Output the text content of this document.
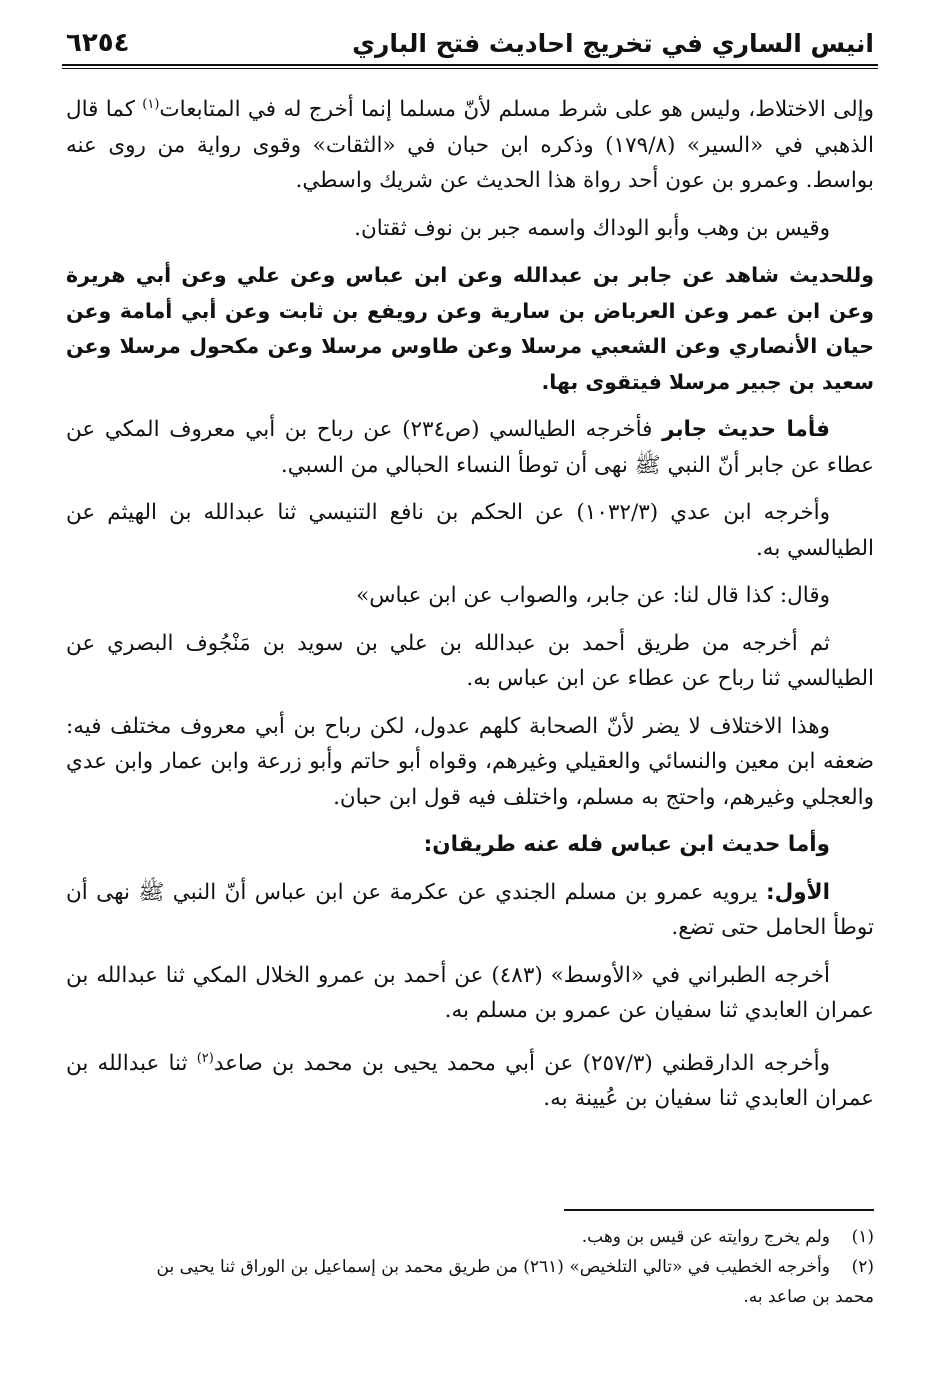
انيس الساري في تخريج احاديث فتح الباري
٦٢٥٤

وإلى الاختلاط، وليس هو على شرط مسلم لأنّ مسلما إنما أخرج له في المتابعات$^{(١)}$ كما قال الذهبي في «السير» (١٧٩/٨) وذكره ابن حبان في «الثقات» وقوى رواية من روى عنه بواسط. وعمرو بن عون أحد رواة هذا الحديث عن شريك واسطي.

وقيس بن وهب وأبو الوداك واسمه جبر بن نوف ثقتان.

وللحديث شاهد عن جابر بن عبدالله وعن ابن عباس وعن علي وعن أبي هريرة وعن ابن عمر وعن العرباض بن سارية وعن رويفع بن ثابت وعن أبي أمامة وعن حيان الأنصاري وعن الشعبي مرسلا وعن طاوس مرسلا وعن مكحول مرسلا وعن سعيد بن جبير مرسلا فيتقوى بها.

فأما حديث جابر فأخرجه الطيالسي (ص٢٣٤) عن رباح بن أبي معروف المكي عن عطاء عن جابر أنّ النبي ﷺ نهى أن توطأ النساء الحبالي من السبي.

وأخرجه ابن عدي (١٠٣٢/٣) عن الحكم بن نافع التنيسي ثنا عبدالله بن الهيثم عن الطيالسي به.

وقال: كذا قال لنا: عن جابر، والصواب عن ابن عباس»

ثم أخرجه من طريق أحمد بن عبدالله بن علي بن سويد بن مَنْجُوف البصري عن الطيالسي ثنا رباح عن عطاء عن ابن عباس به.

وهذا الاختلاف لا يضر لأنّ الصحابة كلهم عدول، لكن رباح بن أبي معروف مختلف فيه: ضعفه ابن معين والنسائي والعقيلي وغيرهم، وقواه أبو حاتم وأبو زرعة وابن عمار وابن عدي والعجلي وغيرهم، واحتج به مسلم، واختلف فيه قول ابن حبان.

وأما حديث ابن عباس فله عنه طريقان:

الأول: يرويه عمرو بن مسلم الجندي عن عكرمة عن ابن عباس أنّ النبي ﷺ نهى أن توطأ الحامل حتى تضع.

أخرجه الطبراني في «الأوسط» (٤٨٣) عن أحمد بن عمرو الخلال المكي ثنا عبدالله بن عمران العابدي ثنا سفيان عن عمرو بن مسلم به.

وأخرجه الدارقطني (٢٥٧/٣) عن أبي محمد يحيى بن محمد بن صاعد$^{(٢)}$ ثنا عبدالله بن عمران العابدي ثنا سفيان بن عُيينة به.

(١)
ولم يخرج روايته عن قيس بن وهب.
(٢)
وأخرجه الخطيب في «تالي التلخيص» (٢٦١) من طريق محمد بن إسماعيل بن الوراق ثنا يحيى بن
محمد بن صاعد به.
